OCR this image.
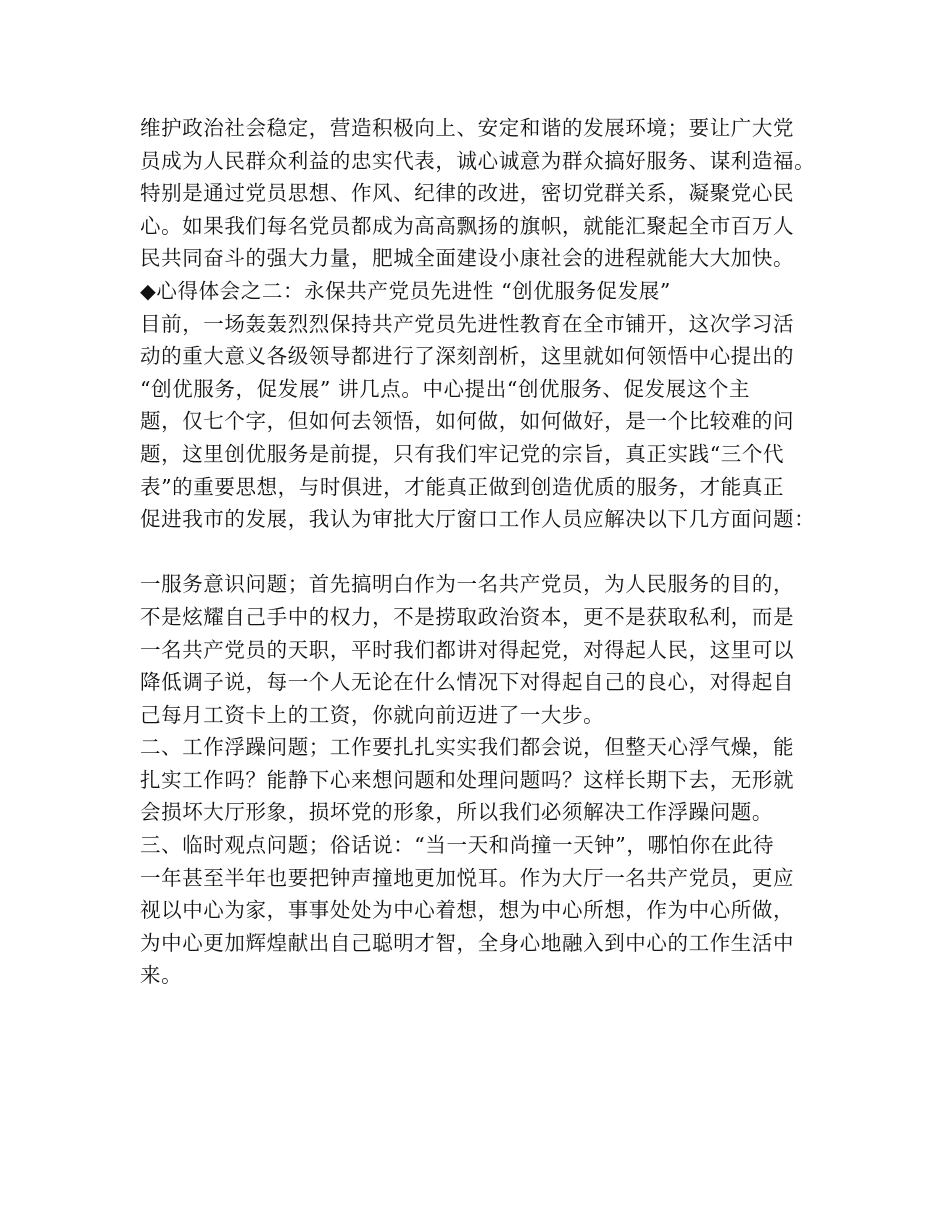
维护政治社会稳定，营造积极向上、安定和谐的发展环境；要让广大党
员成为人民群众利益的忠实代表，诚心诚意为群众搞好服务、谋利造福。
特别是通过党员思想、作风、纪律的改进，密切党群关系，凝聚党心民
心。如果我们每名党员都成为高高飘扬的旗帜，就能汇聚起全市百万人
民共同奋斗的强大力量，肥城全面建设小康社会的进程就能大大加快。
◆心得体会之二：永保共产党员先进性 “创优服务促发展”
目前，一场轰轰烈烈保持共产党员先进性教育在全市铺开，这次学习活
动的重大意义各级领导都进行了深刻剖析，这里就如何领悟中心提出的
“创优服务，促发展” 讲几点。中心提出“创优服务、促发展这个主
题，仅七个字，但如何去领悟，如何做，如何做好，是一个比较难的问
题，这里创优服务是前提，只有我们牢记党的宗旨，真正实践“三个代
表”的重要思想，与时俱进，才能真正做到创造优质的服务，才能真正
促进我市的发展，我认为审批大厅窗口工作人员应解决以下几方面问题：
一服务意识问题；首先搞明白作为一名共产党员，为人民服务的目的，
不是炫耀自己手中的权力，不是捞取政治资本，更不是获取私利，而是
一名共产党员的天职，平时我们都讲对得起党，对得起人民，这里可以
降低调子说，每一个人无论在什么情况下对得起自己的良心，对得起自
己每月工资卡上的工资，你就向前迈进了一大步。
二、工作浮躁问题；工作要扎扎实实我们都会说，但整天心浮气燥，能
扎实工作吗？能静下心来想问题和处理问题吗？这样长期下去，无形就
会损坏大厅形象，损坏党的形象，所以我们必须解决工作浮躁问题。
三、临时观点问题；俗话说：“当一天和尚撞一天钟”，哪怕你在此待
一年甚至半年也要把钟声撞地更加悦耳。作为大厅一名共产党员，更应
视以中心为家，事事处处为中心着想，想为中心所想，作为中心所做，
为中心更加辉煌献出自己聪明才智，全身心地融入到中心的工作生活中
来。
